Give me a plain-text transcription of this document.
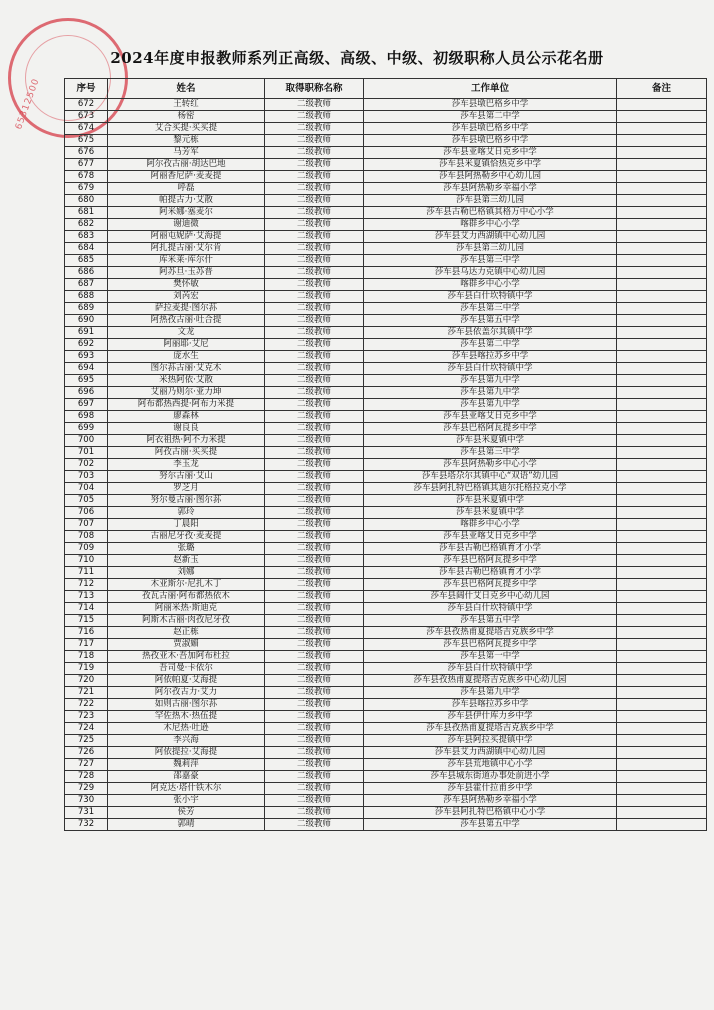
65312500
2024年度申报教师系列正高级、高级、中级、初级职称人员公示花名册
序号	姓名	取得职称名称	工作单位	备注
672	王转红	二级教师	莎车县墩巴格乡中学	
673	杨密	二级教师	莎车县第二中学	
674	艾合买提·买买提	二级教师	莎车县墩巴格乡中学	
675	黎元栋	二级教师	莎车县墩巴格乡中学	
676	马芳军	二级教师	莎车县亚喀艾日克乡中学	
677	阿尔孜古丽·胡达巴地	二级教师	莎车县米夏镇恰热克乡中学	
678	阿丽香尼萨·麦麦提	二级教师	莎车县阿热勒乡中心幼儿园	
679	呼磊	二级教师	莎车县阿热勒乡幸福小学	
680	帕提古力·艾散	二级教师	莎车县第三幼儿园	
681	阿米娜·塞麦尔	二级教师	莎车县古勒巴格镇其格万中心小学	
682	谢迪微	二级教师	喀群乡中心小学	
683	阿丽屯妮萨·艾海提	二级教师	莎车县艾力西湖镇中心幼儿园	
684	阿扎提古丽·艾尔肯	二级教师	莎车县第三幼儿园	
685	库米莱·库尔什	二级教师	莎车县第三中学	
686	阿苏旦·玉苏普	二级教师	莎车县乌达力克镇中心幼儿园	
687	樊怀敏	二级教师	喀群乡中心小学	
688	刘芮宏	二级教师	莎车县白什坎特镇中学	
689	萨拉麦提·图尔荪	二级教师	莎车县第三中学	
690	阿热孜古丽·吐合提	二级教师	莎车县第五中学	
691	文龙	二级教师	莎车县依盖尔其镇中学	
692	阿丽耶·艾尼	二级教师	莎车县第二中学	
693	庞水生	二级教师	莎车县喀拉苏乡中学	
694	图尔荪古丽·艾克木	二级教师	莎车县白什坎特镇中学	
695	米热阿依·艾散	二级教师	莎车县第九中学	
696	艾丽乃则尔·亚力坤	二级教师	莎车县第九中学	
697	阿布都热西提·阿布力米提	二级教师	莎车县第九中学	
698	廖森林	二级教师	莎车县亚喀艾日克乡中学	
699	谢良良	二级教师	莎车县巴格阿瓦提乡中学	
700	阿衣祖热·阿不力米提	二级教师	莎车县米夏镇中学	
701	阿孜古丽·买买提	二级教师	莎车县第三中学	
702	李玉龙	二级教师	莎车县阿热勒乡中心小学	
703	努尔古丽·艾山	二级教师	莎车县塔尕尔其镇中心“双语”幼儿园	
704	罗芝月	二级教师	莎车县阿扎特巴格镇其迪尔托格拉克小学	
705	努尔曼古丽·图尔荪	二级教师	莎车县米夏镇中学	
706	郭玲	二级教师	莎车县米夏镇中学	
707	丁晨阳	二级教师	喀群乡中心小学	
708	古丽尼牙孜·麦麦提	二级教师	莎车县亚喀艾日克乡中学	
709	张璐	二级教师	莎车县古勒巴格镇育才小学	
710	赵新玉	二级教师	莎车县巴格阿瓦提乡中学	
711	刘娜	二级教师	莎车县古勒巴格镇育才小学	
712	木亚斯尔·尼扎木丁	二级教师	莎车县巴格阿瓦提乡中学	
713	孜瓦古丽·阿布都热依木	二级教师	莎车县阔什艾日克乡中心幼儿园	
714	阿丽米热·斯迪克	二级教师	莎车县白什坎特镇中学	
715	阿斯木古丽·肉孜尼牙孜	二级教师	莎车县第五中学	
716	赵正栋	二级教师	莎车县孜热甫夏提塔吉克族乡中学	
717	贾淑媚	二级教师	莎车县巴格阿瓦提乡中学	
718	热孜亚木·吾加阿布杜拉	二级教师	莎车县第一中学	
719	吾司曼·卡依尔	二级教师	莎车县白什坎特镇中学	
720	阿依帕夏·艾海提	二级教师	莎车县孜热甫夏提塔吉克族乡中心幼儿园	
721	阿尔孜古力·艾力	二级教师	莎车县第九中学	
722	如则古丽·图尔荪	二级教师	莎车县喀拉苏乡中学	
723	罕佐热木·热伍提	二级教师	莎车县伊什库力乡中学	
724	木尼热·吐逊	二级教师	莎车县孜热甫夏提塔吉克族乡中学	
725	李兴海	二级教师	莎车县阿拉买提镇中学	
726	阿依提拉·艾海提	二级教师	莎车县艾力西湖镇中心幼儿园	
727	魏莉萍	二级教师	莎车县荒地镇中心小学	
728	邵嘉豪	二级教师	莎车县城东街道办事处前进小学	
729	阿克达·塔什铁木尔	二级教师	莎车县霍什拉甫乡中学	
730	张小宇	二级教师	莎车县阿热勒乡幸福小学	
731	侯芳	二级教师	莎车县阿扎特巴格镇中心小学	
732	郭晴	二级教师	莎车县第五中学	
